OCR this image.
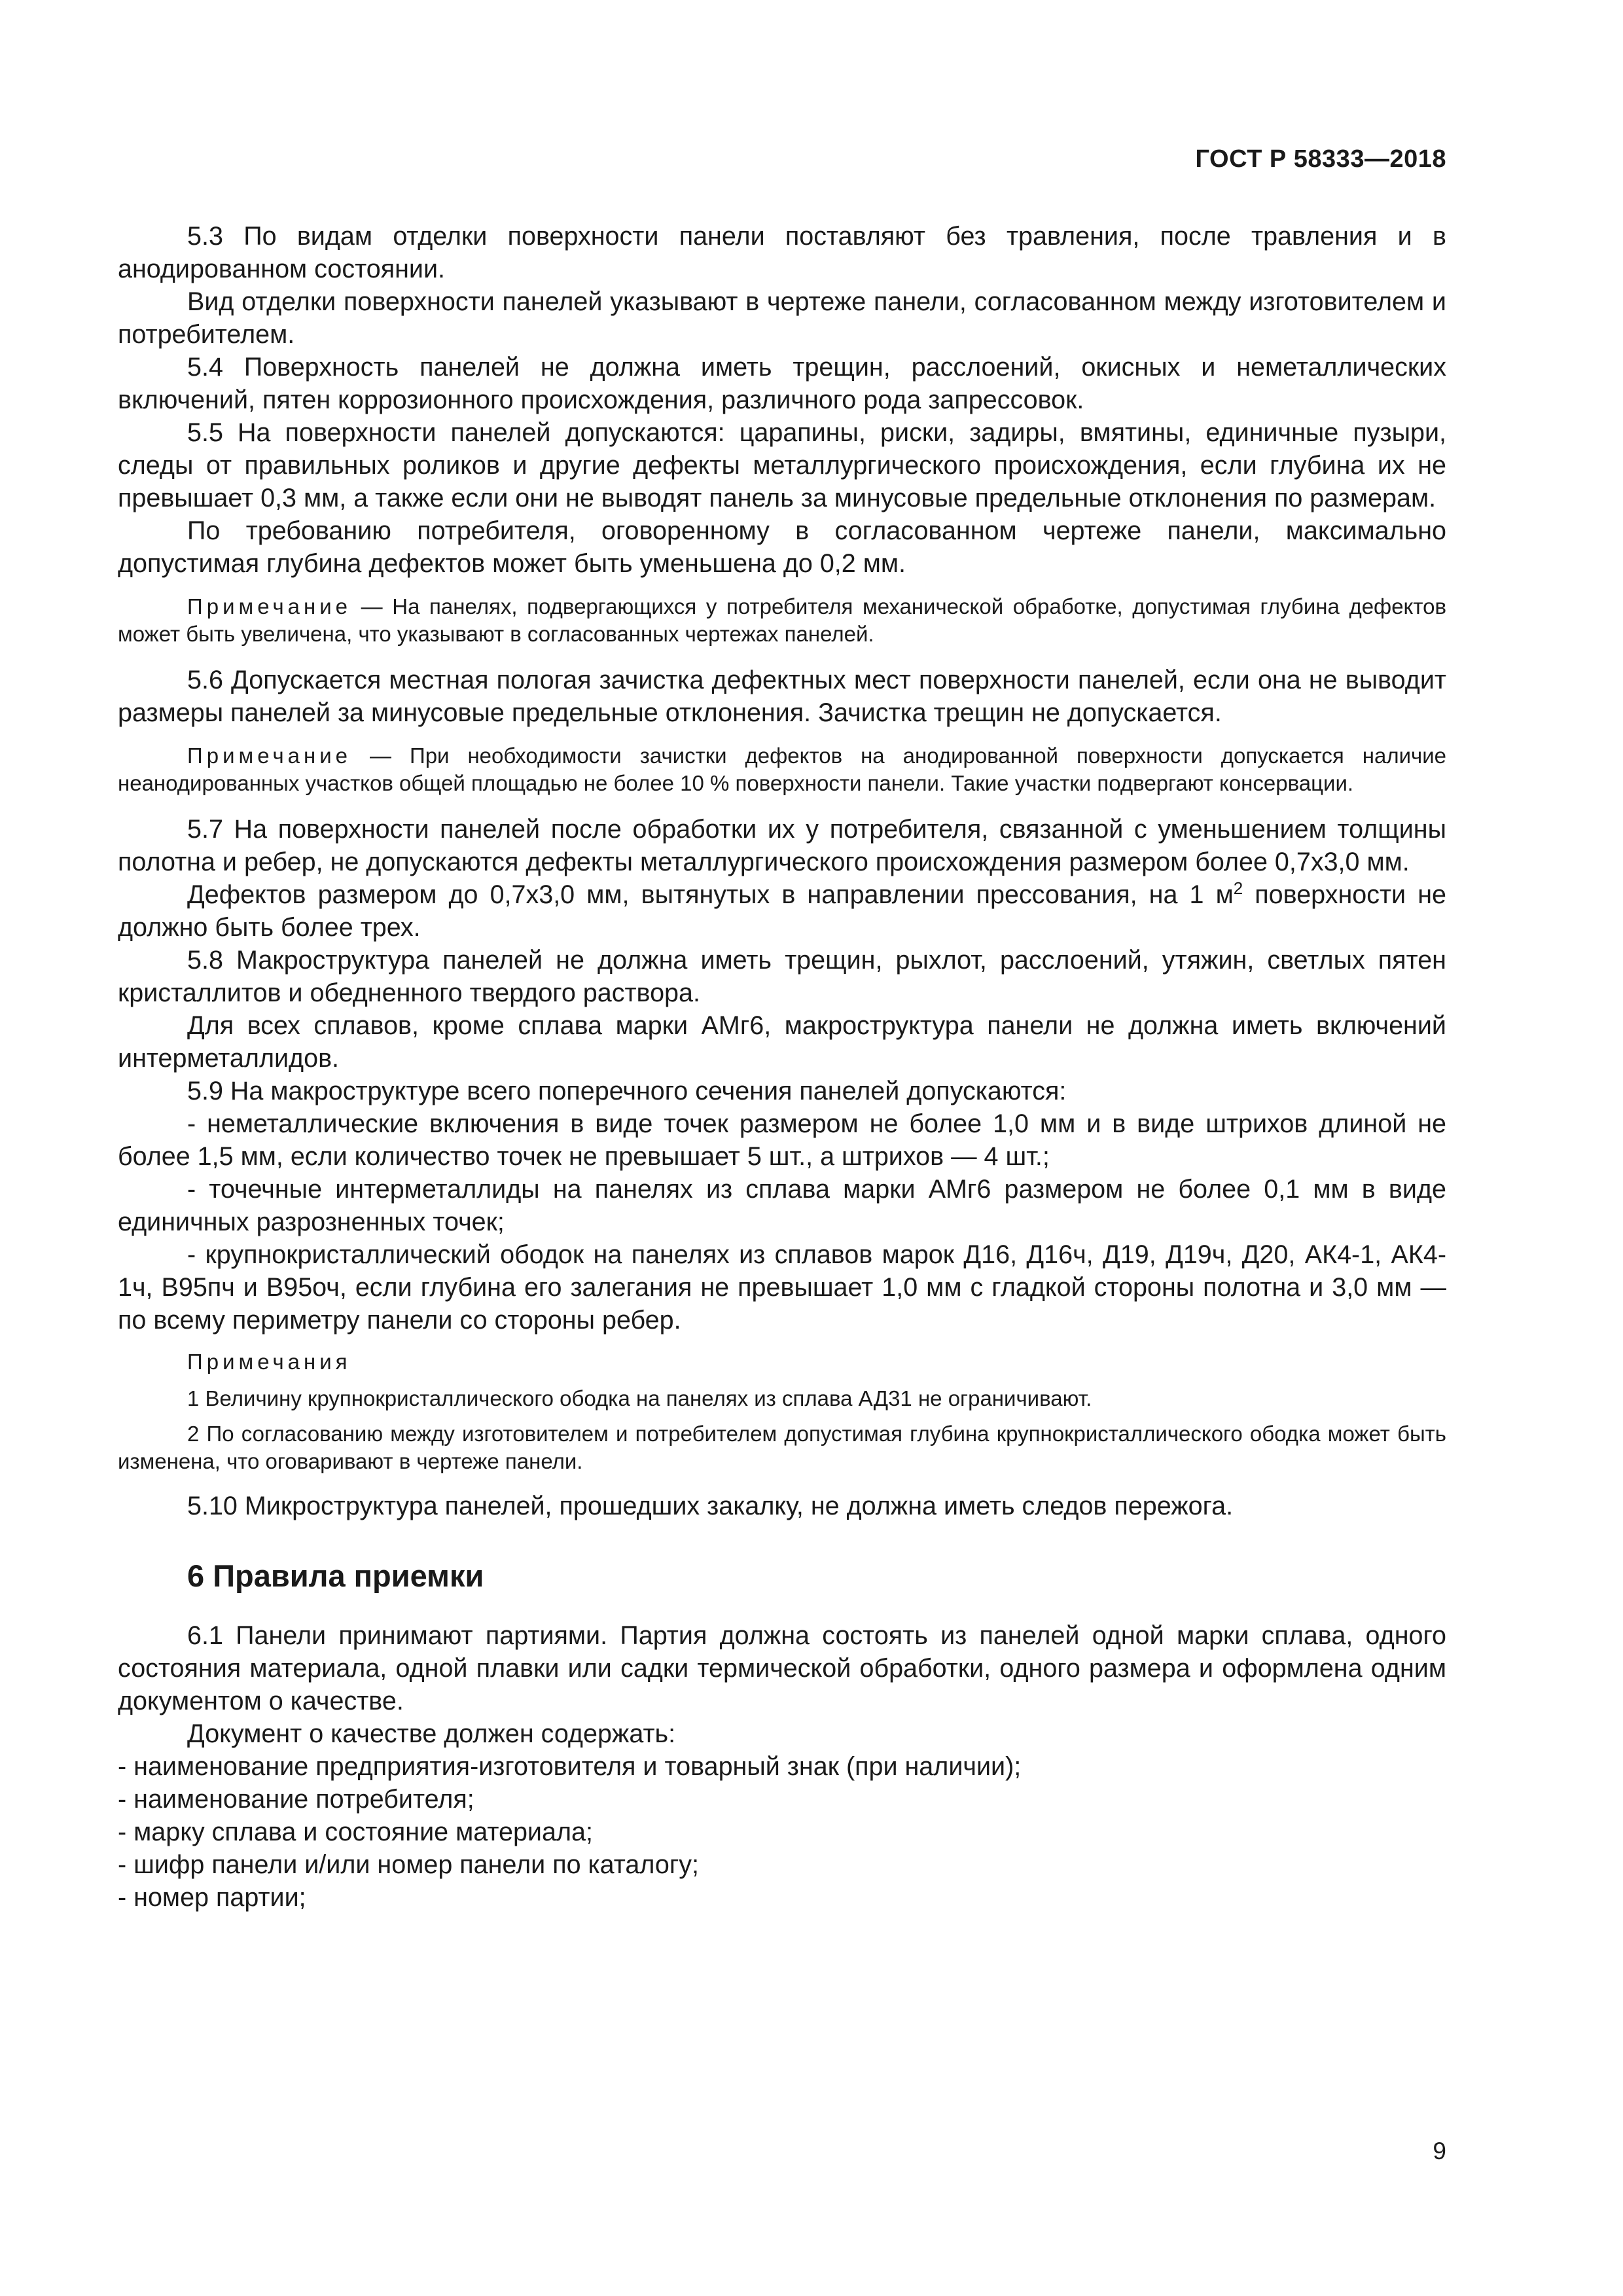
ГОСТ Р 58333—2018

5.3 По видам отделки поверхности панели поставляют без травления, после травления и в анодированном состоянии.

Вид отделки поверхности панелей указывают в чертеже панели, согласованном между изготовителем и потребителем.

5.4 Поверхность панелей не должна иметь трещин, расслоений, окисных и неметаллических включений, пятен коррозионного происхождения, различного рода запрессовок.

5.5 На поверхности панелей допускаются: царапины, риски, задиры, вмятины, единичные пузыри, следы от правильных роликов и другие дефекты металлургического происхождения, если глубина их не превышает 0,3 мм, а также если они не выводят панель за минусовые предельные отклонения по размерам.

По требованию потребителя, оговоренному в согласованном чертеже панели, максимально допустимая глубина дефектов может быть уменьшена до 0,2 мм.

Примечание — На панелях, подвергающихся у потребителя механической обработке, допустимая глубина дефектов может быть увеличена, что указывают в согласованных чертежах панелей.

5.6 Допускается местная пологая зачистка дефектных мест поверхности панелей, если она не выводит размеры панелей за минусовые предельные отклонения. Зачистка трещин не допускается.

Примечание — При необходимости зачистки дефектов на анодированной поверхности допускается наличие неанодированных участков общей площадью не более 10 % поверхности панели. Такие участки подвергают консервации.

5.7 На поверхности панелей после обработки их у потребителя, связанной с уменьшением толщины полотна и ребер, не допускаются дефекты металлургического происхождения размером более 0,7х3,0 мм.

Дефектов размером до 0,7х3,0 мм, вытянутых в направлении прессования, на 1 $м^2$ поверхности не должно быть более трех.

5.8 Макроструктура панелей не должна иметь трещин, рыхлот, расслоений, утяжин, светлых пятен кристаллитов и обедненного твердого раствора.

Для всех сплавов, кроме сплава марки АМг6, макроструктура панели не должна иметь включений интерметаллидов.

5.9 На макроструктуре всего поперечного сечения панелей допускаются:

- неметаллические включения в виде точек размером не более 1,0 мм и в виде штрихов длиной не более 1,5 мм, если количество точек не превышает 5 шт., а штрихов — 4 шт.;

- точечные интерметаллиды на панелях из сплава марки АМг6 размером не более 0,1 мм в виде единичных разрозненных точек;

- крупнокристаллический ободок на панелях из сплавов марок Д16, Д16ч, Д19, Д19ч, Д20, АК4-1, АК4-1ч, В95пч и В95оч, если глубина его залегания не превышает 1,0 мм с гладкой стороны полотна и 3,0 мм — по всему периметру панели со стороны ребер.

Примечания

1 Величину крупнокристаллического ободка на панелях из сплава АД31 не ограничивают.

2 По согласованию между изготовителем и потребителем допустимая глубина крупнокристаллического ободка может быть изменена, что оговаривают в чертеже панели.

5.10 Микроструктура панелей, прошедших закалку, не должна иметь следов пережога.

6 Правила приемки

6.1 Панели принимают партиями. Партия должна состоять из панелей одной марки сплава, одного состояния материала, одной плавки или садки термической обработки, одного размера и оформлена одним документом о качестве.

Документ о качестве должен содержать:

- наименование предприятия-изготовителя и товарный знак (при наличии);

- наименование потребителя;

- марку сплава и состояние материала;

- шифр панели и/или номер панели по каталогу;

- номер партии;

9
